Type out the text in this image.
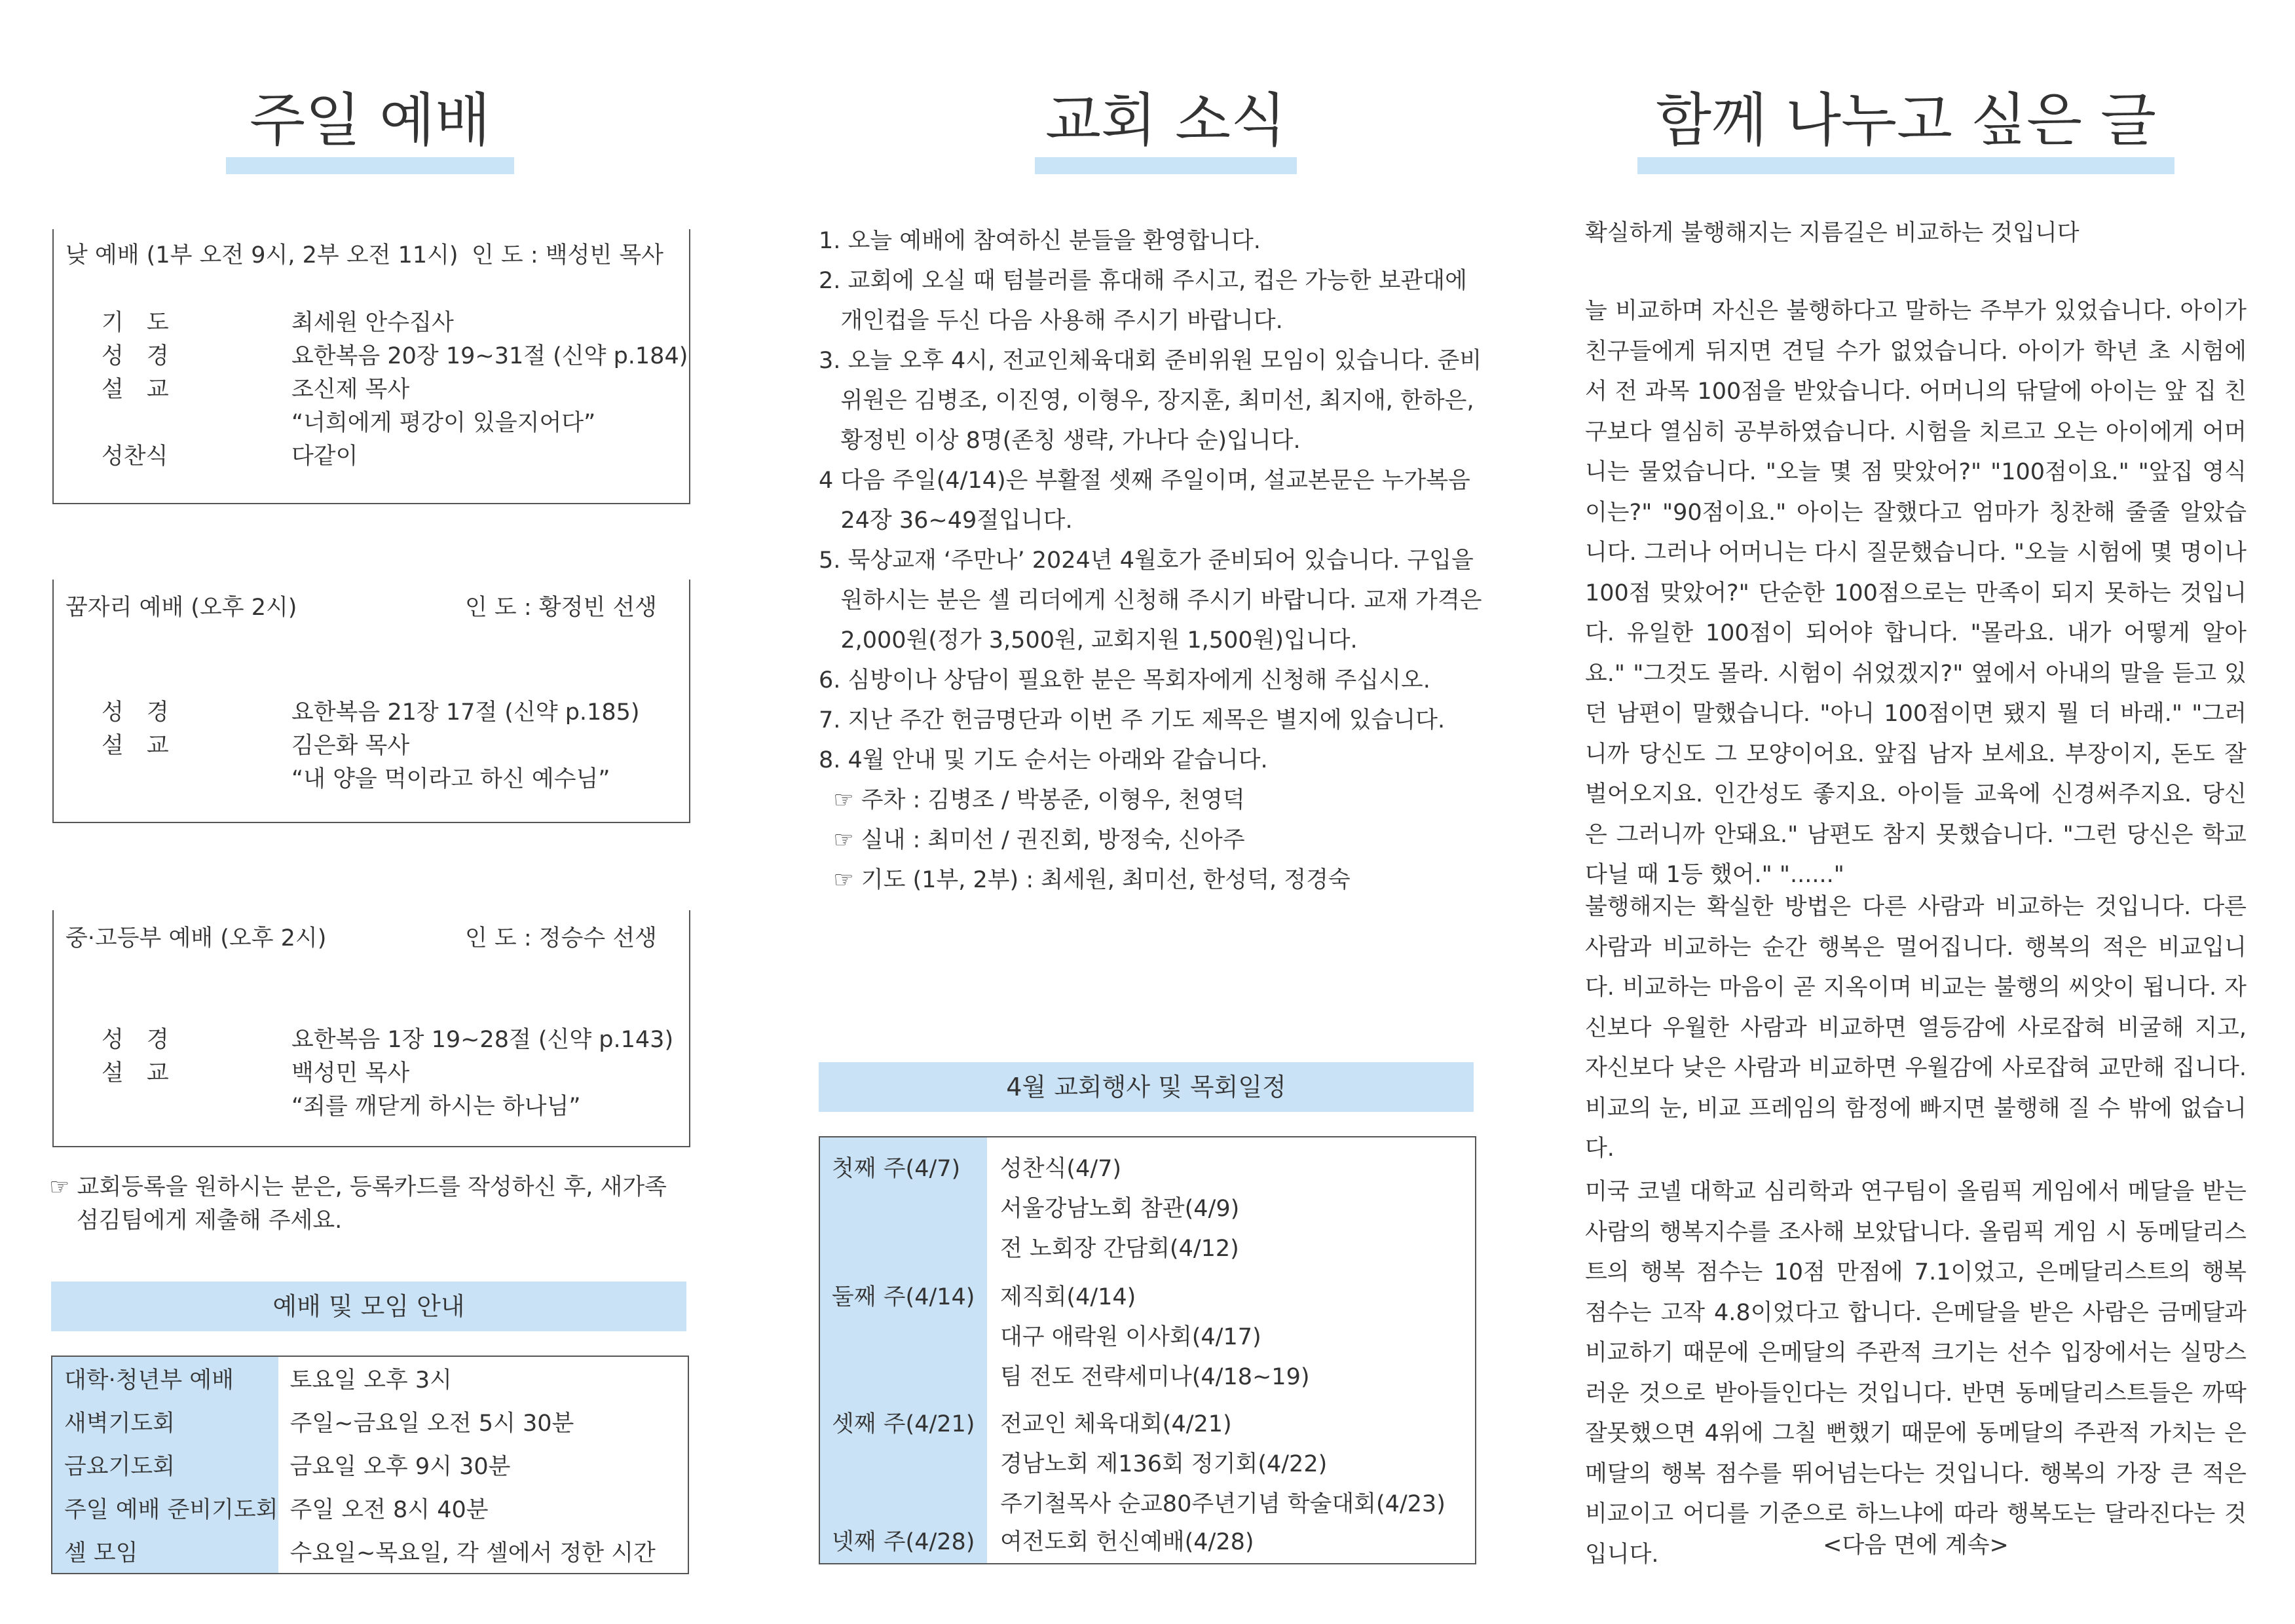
주일 예배
낮 예배 (1부 오전 9시, 2부 오전 11시) 인 도 : 백성빈 목사
기 도	최세원 안수집사
성 경	요한복음 20장 19~31절 (신약 p.184)
설 교	조신제 목사
“너희에게 평강이 있을지어다”
성찬식	다같이
꿈자리 예배 (오후 2시)	인 도 : 황정빈 선생
성 경	요한복음 21장 17절 (신약 p.185)
설 교	김은화 목사
“내 양을 먹이라고 하신 예수님”
중·고등부 예배 (오후 2시)	인 도 : 정승수 선생
성 경	요한복음 1장 19~28절 (신약 p.143)
설 교	백성민 목사
“죄를 깨닫게 하시는 하나님”
☞ 교회등록을 원하시는 분은, 등록카드를 작성하신 후, 새가족
섬김팀에게 제출해 주세요.
예배 및 모임 안내
대학·청년부 예배	토요일 오후 3시
새벽기도회	주일~금요일 오전 5시 30분
금요기도회	금요일 오후 9시 30분
주일 예배 준비기도회	주일 오전 8시 40분
셀 모임	수요일~목요일, 각 셀에서 정한 시간
교회 소식
1. 오늘 예배에 참여하신 분들을 환영합니다.
2. 교회에 오실 때 텀블러를 휴대해 주시고, 컵은 가능한 보관대에
개인컵을 두신 다음 사용해 주시기 바랍니다.
3. 오늘 오후 4시, 전교인체육대회 준비위원 모임이 있습니다. 준비
위원은 김병조, 이진영, 이형우, 장지훈, 최미선, 최지애, 한하은,
황정빈 이상 8명(존칭 생략, 가나다 순)입니다.
4 다음 주일(4/14)은 부활절 셋째 주일이며, 설교본문은 누가복음
24장 36~49절입니다.
5. 묵상교재 ‘주만나’ 2024년 4월호가 준비되어 있습니다. 구입을
원하시는 분은 셀 리더에게 신청해 주시기 바랍니다. 교재 가격은
2,000원(정가 3,500원, 교회지원 1,500원)입니다.
6. 심방이나 상담이 필요한 분은 목회자에게 신청해 주십시오.
7. 지난 주간 헌금명단과 이번 주 기도 제목은 별지에 있습니다.
8. 4월 안내 및 기도 순서는 아래와 같습니다.
☞ 주차 : 김병조 / 박봉준, 이형우, 천영덕
☞ 실내 : 최미선 / 권진회, 방정숙, 신아주
☞ 기도 (1부, 2부) : 최세원, 최미선, 한성덕, 정경숙
4월 교회행사 및 목회일정
첫째 주(4/7) 성찬식(4/7)
서울강남노회 참관(4/9)
전 노회장 간담회(4/12)
둘째 주(4/14) 제직회(4/14)
대구 애락원 이사회(4/17)
팀 전도 전략세미나(4/18~19)
셋째 주(4/21) 전교인 체육대회(4/21)
경남노회 제136회 정기회(4/22)
주기철목사 순교80주년기념 학술대회(4/23)
넷째 주(4/28) 여전도회 헌신예배(4/28)
함께 나누고 싶은 글
확실하게 불행해지는 지름길은 비교하는 것입니다

늘 비교하며 자신은 불행하다고 말하는 주부가 있었습니다. 아이가 친구들에게 뒤지면 견딜 수가 없었습니다. 아이가 학년 초 시험에서 전 과목 100점을 받았습니다. 어머니의 닦달에 아이는 앞 집 친구보다 열심히 공부하였습니다. 시험을 치르고 오는 아이에게 어머니는 물었습니다. "오늘 몇 점 맞았어?" "100점이요." "앞집 영식이는?" "90점이요." 아이는 잘했다고 엄마가 칭찬해 줄줄 알았습니다. 그러나 어머니는 다시 질문했습니다. "오늘 시험에 몇 명이나 100점 맞았어?" 단순한 100점으로는 만족이 되지 못하는 것입니다. 유일한 100점이 되어야 합니다. "몰라요. 내가 어떻게 알아요." "그것도 몰라. 시험이 쉬었겠지?" 옆에서 아내의 말을 듣고 있던 남편이 말했습니다. "아니 100점이면 됐지 뭘 더 바래." "그러니까 당신도 그 모양이어요. 앞집 남자 보세요. 부장이지, 돈도 잘 벌어오지요. 인간성도 좋지요. 아이들 교육에 신경써주지요. 당신은 그러니까 안돼요." 남편도 참지 못했습니다. "그런 당신은 학교 다닐 때 1등 했어." "......"

불행해지는 확실한 방법은 다른 사람과 비교하는 것입니다. 다른 사람과 비교하는 순간 행복은 멀어집니다. 행복의 적은 비교입니다. 비교하는 마음이 곧 지옥이며 비교는 불행의 씨앗이 됩니다. 자신보다 우월한 사람과 비교하면 열등감에 사로잡혀 비굴해 지고, 자신보다 낮은 사람과 비교하면 우월감에 사로잡혀 교만해 집니다. 비교의 눈, 비교 프레임의 함정에 빠지면 불행해 질 수 밖에 없습니다.

미국 코넬 대학교 심리학과 연구팀이 올림픽 게임에서 메달을 받는 사람의 행복지수를 조사해 보았답니다. 올림픽 게임 시 동메달리스트의 행복 점수는 10점 만점에 7.1이었고, 은메달리스트의 행복 점수는 고작 4.8이었다고 합니다. 은메달을 받은 사람은 금메달과 비교하기 때문에 은메달의 주관적 크기는 선수 입장에서는 실망스러운 것으로 받아들인다는 것입니다. 반면 동메달리스트들은 까딱 잘못했으면 4위에 그칠 뻔했기 때문에 동메달의 주관적 가치는 은메달의 행복 점수를 뛰어넘는다는 것입니다. 행복의 가장 큰 적은 비교이고 어디를 기준으로 하느냐에 따라 행복도는 달라진다는 것입니다.	<다음 면에 계속>
